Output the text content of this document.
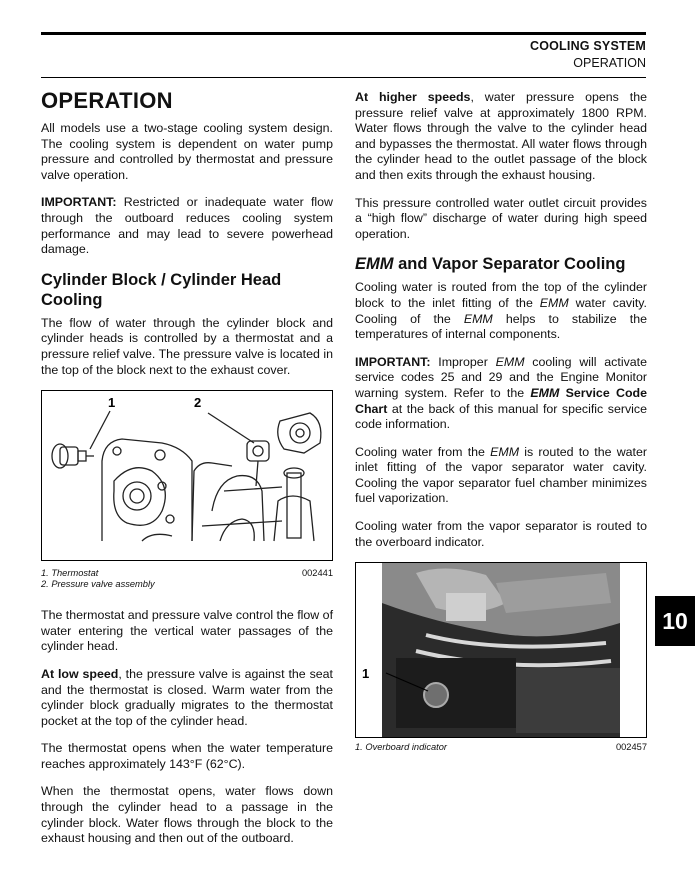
COOLING SYSTEM
OPERATION
OPERATION

All models use a two-stage cooling system design. The cooling system is dependent on water pump pressure and controlled by thermostat and pressure valve operation.

IMPORTANT: Restricted or inadequate water flow through the outboard reduces cooling system performance and may lead to severe powerhead damage.

Cylinder Block / Cylinder Head Cooling

The flow of water through the cylinder block and cylinder heads is controlled by a thermostat and a pressure relief valve. The pressure valve is located in the top of the block next to the exhaust cover.

1	2
1. Thermostat
2. Pressure valve assembly
002441

The thermostat and pressure valve control the flow of water entering the vertical water passages of the cylinder head.

At low speed, the pressure valve is against the seat and the thermostat is closed. Warm water from the cylinder block gradually migrates to the thermostat pocket at the top of the cylinder head.

The thermostat opens when the water temperature reaches approximately 143°F (62°C).

When the thermostat opens, water flows down through the cylinder head to a passage in the cylinder block. Water flows through the block to the exhaust housing and then out of the outboard.

At higher speeds, water pressure opens the pressure relief valve at approximately 1800 RPM. Water flows through the valve to the cylinder head and bypasses the thermostat. All water flows through the cylinder head to the outlet passage of the block and then exits through the exhaust housing.

This pressure controlled water outlet circuit provides a “high flow” discharge of water during high speed operation.

EMM and Vapor Separator Cooling

Cooling water is routed from the top of the cylinder block to the inlet fitting of the EMM water cavity. Cooling of the EMM helps to stabilize the temperatures of internal components.

IMPORTANT: Improper EMM cooling will activate service codes 25 and 29 and the Engine Monitor warning system. Refer to the EMM Service Code Chart at the back of this manual for specific service code information.

Cooling water from the EMM is routed to the water inlet fitting of the vapor separator water cavity. Cooling the vapor separator fuel chamber minimizes fuel vaporization.

Cooling water from the vapor separator is routed to the overboard indicator.

1
1. Overboard indicator	002457
10
